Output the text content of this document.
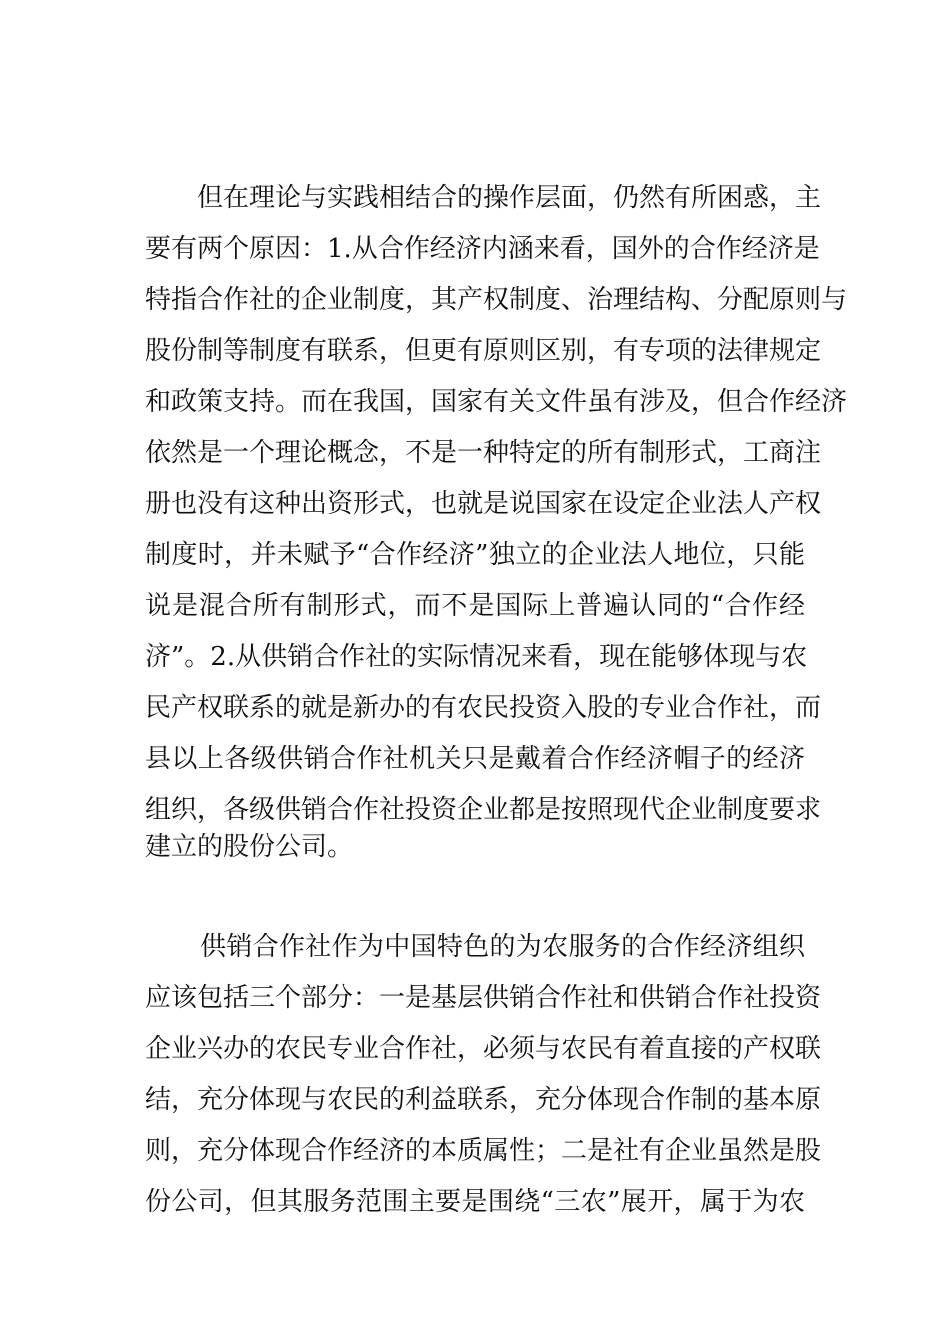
但在理论与实践相结合的操作层面，仍然有所困惑，主
要有两个原因：1.从合作经济内涵来看，国外的合作经济是
特指合作社的企业制度，其产权制度、治理结构、分配原则与
股份制等制度有联系，但更有原则区别，有专项的法律规定
和政策支持。而在我国，国家有关文件虽有涉及，但合作经济
依然是一个理论概念，不是一种特定的所有制形式，工商注
册也没有这种出资形式，也就是说国家在设定企业法人产权
制度时，并未赋予“合作经济”独立的企业法人地位，只能
说是混合所有制形式，而不是国际上普遍认同的“合作经
济”。2.从供销合作社的实际情况来看，现在能够体现与农
民产权联系的就是新办的有农民投资入股的专业合作社，而
县以上各级供销合作社机关只是戴着合作经济帽子的经济
组织，各级供销合作社投资企业都是按照现代企业制度要求
建立的股份公司。
供销合作社作为中国特色的为农服务的合作经济组织
应该包括三个部分：一是基层供销合作社和供销合作社投资
企业兴办的农民专业合作社，必须与农民有着直接的产权联
结，充分体现与农民的利益联系，充分体现合作制的基本原
则，充分体现合作经济的本质属性；二是社有企业虽然是股
份公司，但其服务范围主要是围绕“三农”展开，属于为农
